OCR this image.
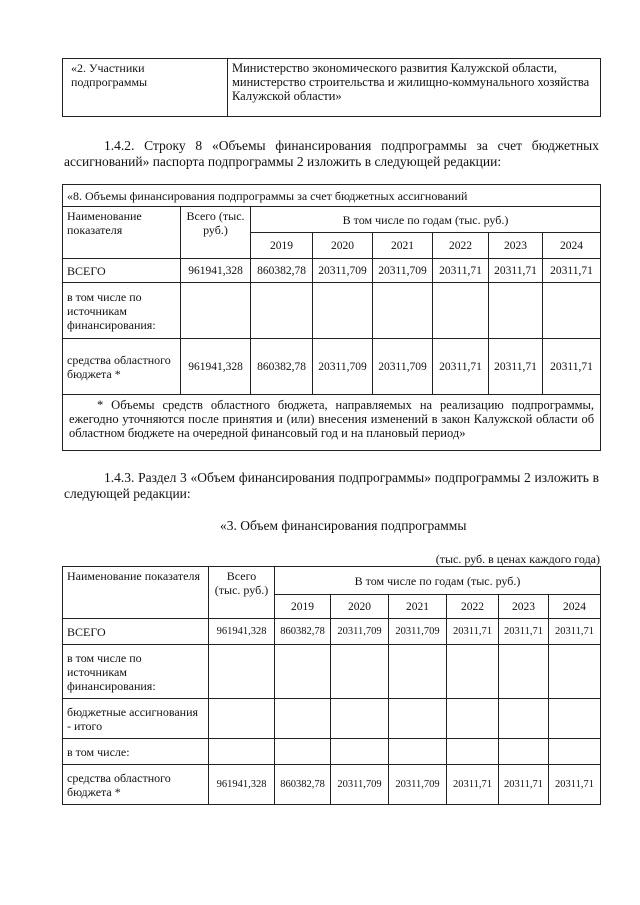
«2. Участники подпрограммы	Министерство экономического развития Калужской области, министерство строительства и жилищно-коммунального хозяйства Калужской области»

1.4.2. Строку 8 «Объемы финансирования подпрограммы за счет бюджетных ассигнований» паспорта подпрограммы 2 изложить в следующей редакции:

«8. Объемы финансирования подпрограммы за счет бюджетных ассигнований							
Наименование показателя	Всего (тыс. руб.)	В том числе по годам (тыс. руб.)					
		2019	2020	2021	2022	2023	2024
ВСЕГО	961941,328	860382,78	20311,709	20311,709	20311,71	20311,71	20311,71
в том числе по источникам финансирования:							
средства областного бюджета *	961941,328	860382,78	20311,709	20311,709	20311,71	20311,71	20311,71
* Объемы средств областного бюджета, направляемых на реализацию подпрограммы, ежегодно уточняются после принятия и (или) внесения изменений в закон Калужской области об областном бюджете на очередной финансовый год и на плановый период»							

1.4.3. Раздел 3 «Объем финансирования подпрограммы» подпрограммы 2 изложить в следующей редакции:

«3. Объем финансирования подпрограммы

(тыс. руб. в ценах каждого года)

Наименование показателя	Всего (тыс. руб.)	В том числе по годам (тыс. руб.)					
		2019	2020	2021	2022	2023	2024
ВСЕГО	961941,328	860382,78	20311,709	20311,709	20311,71	20311,71	20311,71
в том числе по источникам финансирования:							
бюджетные ассигнования - итого							
в том числе:							
средства областного бюджета *	961941,328	860382,78	20311,709	20311,709	20311,71	20311,71	20311,71
